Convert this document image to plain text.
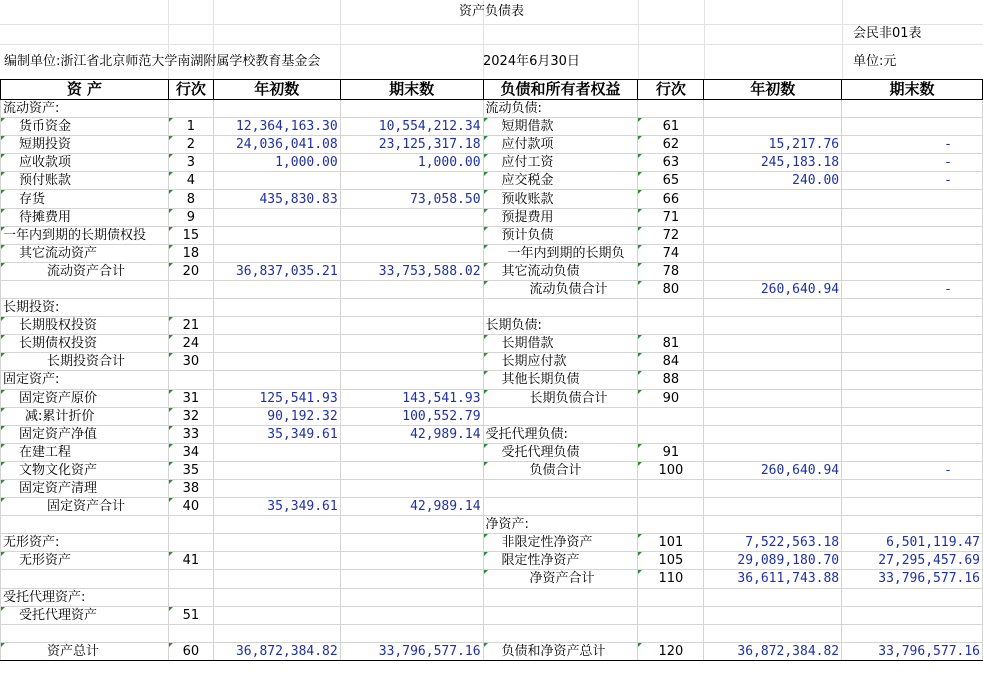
资产负债表
会民非01表
编制单位:浙江省北京师范大学南湖附属学校教育基金会	2024年6月30日	单位:元
资 产	行次	年初数	期末数	负债和所有者权益	行次	年初数	期末数
流动资产:				流动负债:			
货币资金	1	12,364,163.30	10,554,212.34	短期借款	61		
短期投资	2	24,036,041.08	23,125,317.18	应付款项	62	15,217.76	-
应收款项	3	1,000.00	1,000.00	应付工资	63	245,183.18	-
预付账款	4			应交税金	65	240.00	-
存货	8	435,830.83	73,058.50	预收账款	66		
待摊费用	9			预提费用	71		
一年内到期的长期债权投	15			预计负债	72		
其它流动资产	18			一年内到期的长期负	74		
流动资产合计	20	36,837,035.21	33,753,588.02	其它流动负债	78		
				流动负债合计	80	260,640.94	-
长期投资:							
长期股权投资	21			长期负债:			
长期债权投资	24			长期借款	81		
长期投资合计	30			长期应付款	84		
固定资产:				其他长期负债	88		
固定资产原价	31	125,541.93	143,541.93	长期负债合计	90		
减:累计折价	32	90,192.32	100,552.79				
固定资产净值	33	35,349.61	42,989.14	受托代理负债:			
在建工程	34			受托代理负债	91		
文物文化资产	35			负债合计	100	260,640.94	-
固定资产清理	38						
固定资产合计	40	35,349.61	42,989.14				
				净资产:			
无形资产:				非限定性净资产	101	7,522,563.18	6,501,119.47
无形资产	41			限定性净资产	105	29,089,180.70	27,295,457.69
				净资产合计	110	36,611,743.88	33,796,577.16
受托代理资产:							
受托代理资产	51						

资产总计	60	36,872,384.82	33,796,577.16	负债和净资产总计	120	36,872,384.82	33,796,577.16
